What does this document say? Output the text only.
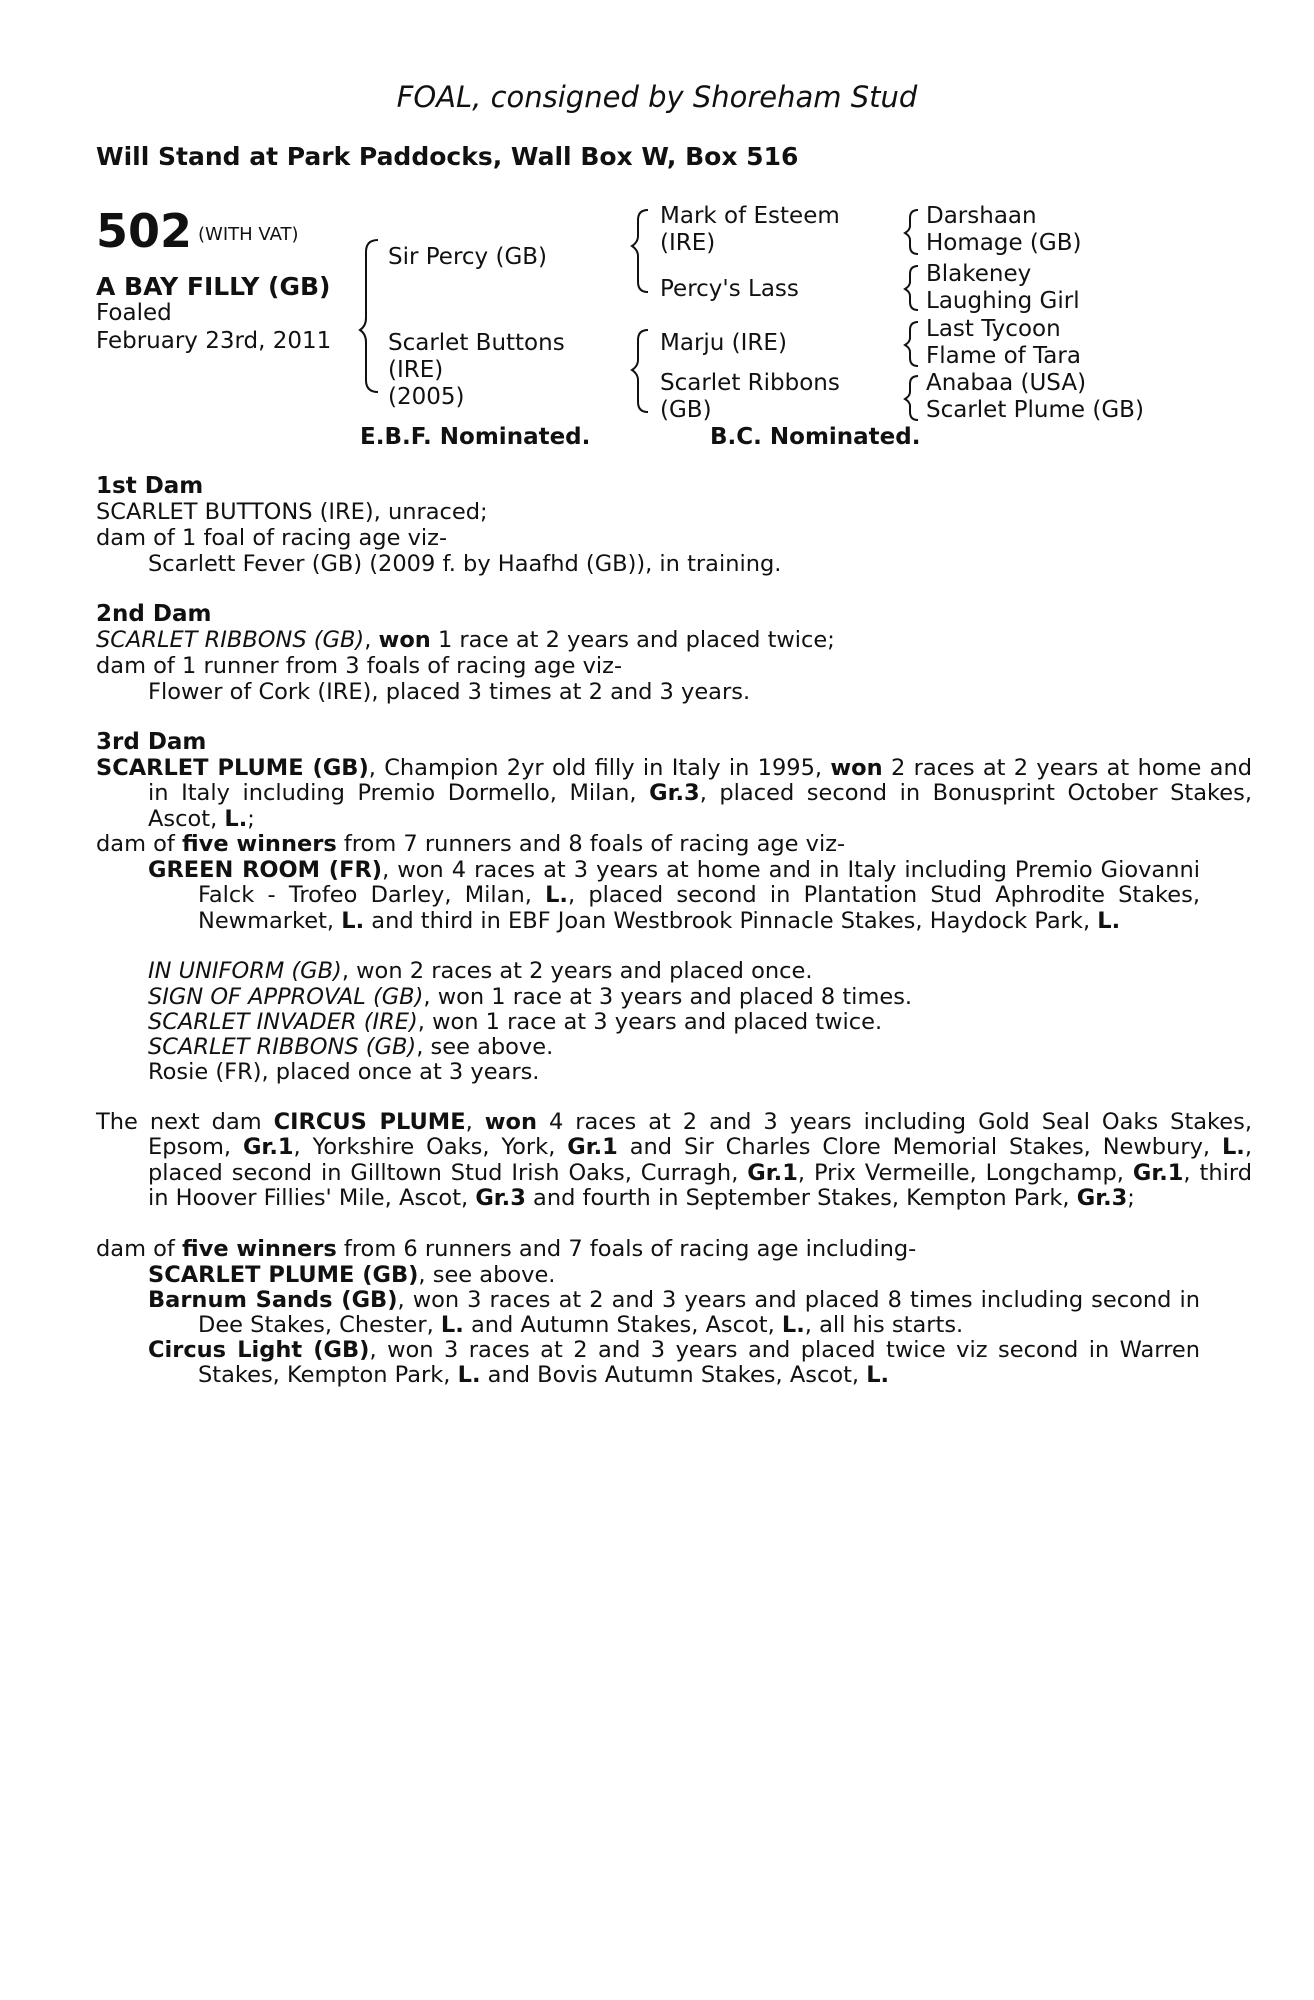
FOAL, consigned by Shoreham Stud
Will Stand at Park Paddocks, Wall Box W, Box 516
502 (WITH VAT)
A BAY FILLY (GB)
Foaled
February 23rd, 2011
Sir Percy (GB)
Scarlet Buttons
(IRE)
(2005)
Mark of Esteem
(IRE)
Percy's Lass
Marju (IRE)
Scarlet Ribbons
(GB)
Darshaan
Homage (GB)
Blakeney
Laughing Girl
Last Tycoon
Flame of Tara
Anabaa (USA)
Scarlet Plume (GB)
E.B.F. Nominated.	B.C. Nominated.
1st Dam
SCARLET BUTTONS (IRE), unraced;
dam of 1 foal of racing age viz-
Scarlett Fever (GB) (2009 f. by Haafhd (GB)), in training.
2nd Dam
SCARLET RIBBONS (GB), won 1 race at 2 years and placed twice;
dam of 1 runner from 3 foals of racing age viz-
Flower of Cork (IRE), placed 3 times at 2 and 3 years.
3rd Dam
SCARLET PLUME (GB), Champion 2yr old filly in Italy in 1995, won 2 races at 2 years at home and in Italy including Premio Dormello, Milan, Gr.3, placed second in Bonusprint October Stakes, Ascot, L.;
dam of five winners from 7 runners and 8 foals of racing age viz-
GREEN ROOM (FR), won 4 races at 3 years at home and in Italy including Premio Giovanni Falck - Trofeo Darley, Milan, L., placed second in Plantation Stud Aphrodite Stakes, Newmarket, L. and third in EBF Joan Westbrook Pinnacle Stakes, Haydock Park, L.
IN UNIFORM (GB), won 2 races at 2 years and placed once.
SIGN OF APPROVAL (GB), won 1 race at 3 years and placed 8 times.
SCARLET INVADER (IRE), won 1 race at 3 years and placed twice.
SCARLET RIBBONS (GB), see above.
Rosie (FR), placed once at 3 years.
The next dam CIRCUS PLUME, won 4 races at 2 and 3 years including Gold Seal Oaks Stakes, Epsom, Gr.1, Yorkshire Oaks, York, Gr.1 and Sir Charles Clore Memorial Stakes, Newbury, L., placed second in Gilltown Stud Irish Oaks, Curragh, Gr.1, Prix Vermeille, Longchamp, Gr.1, third in Hoover Fillies' Mile, Ascot, Gr.3 and fourth in September Stakes, Kempton Park, Gr.3;
dam of five winners from 6 runners and 7 foals of racing age including-
SCARLET PLUME (GB), see above.
Barnum Sands (GB), won 3 races at 2 and 3 years and placed 8 times including second in Dee Stakes, Chester, L. and Autumn Stakes, Ascot, L., all his starts.
Circus Light (GB), won 3 races at 2 and 3 years and placed twice viz second in Warren Stakes, Kempton Park, L. and Bovis Autumn Stakes, Ascot, L.
